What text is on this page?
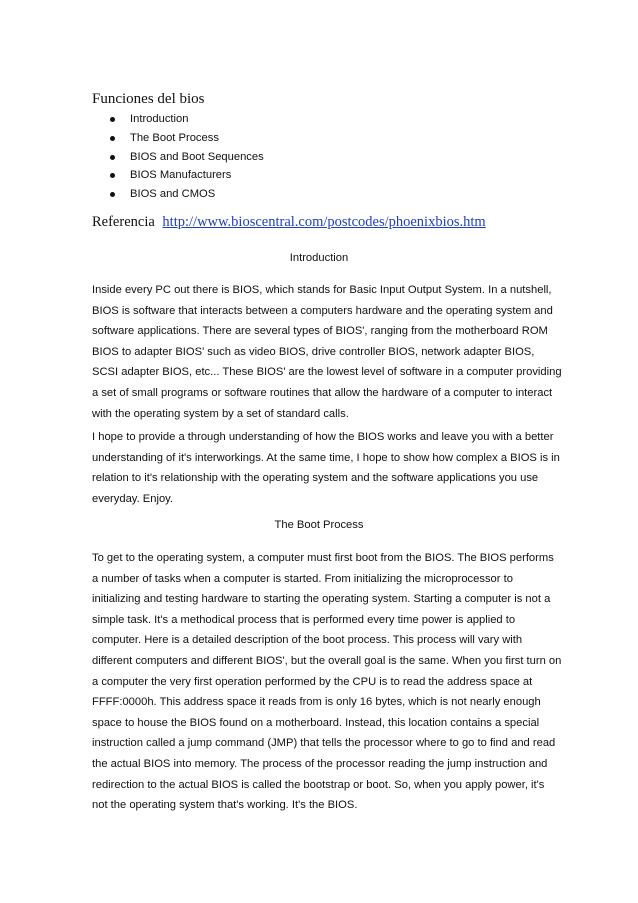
Funciones del bios
Introduction
The Boot Process
BIOS and Boot Sequences
BIOS Manufacturers
BIOS and CMOS
Referencia http://www.bioscentral.com/postcodes/phoenixbios.htm
Introduction

Inside every PC out there is BIOS, which stands for Basic Input Output System. In a nutshell, BIOS is software that interacts between a computers hardware and the operating system and software applications. There are several types of BIOS', ranging from the motherboard ROM BIOS to adapter BIOS' such as video BIOS, drive controller BIOS, network adapter BIOS, SCSI adapter BIOS, etc... These BIOS' are the lowest level of software in a computer providing a set of small programs or software routines that allow the hardware of a computer to interact with the operating system by a set of standard calls.

I hope to provide a through understanding of how the BIOS works and leave you with a better understanding of it's interworkings. At the same time, I hope to show how complex a BIOS is in relation to it's relationship with the operating system and the software applications you use everyday. Enjoy.

The Boot Process

To get to the operating system, a computer must first boot from the BIOS. The BIOS performs a number of tasks when a computer is started. From initializing the microprocessor to initializing and testing hardware to starting the operating system. Starting a computer is not a simple task. It's a methodical process that is performed every time power is applied to computer. Here is a detailed description of the boot process. This process will vary with different computers and different BIOS', but the overall goal is the same. When you first turn on a computer the very first operation performed by the CPU is to read the address space at FFFF:0000h. This address space it reads from is only 16 bytes, which is not nearly enough space to house the BIOS found on a motherboard. Instead, this location contains a special instruction called a jump command (JMP) that tells the processor where to go to find and read the actual BIOS into memory. The process of the processor reading the jump instruction and redirection to the actual BIOS is called the bootstrap or boot. So, when you apply power, it's not the operating system that's working. It's the BIOS.
